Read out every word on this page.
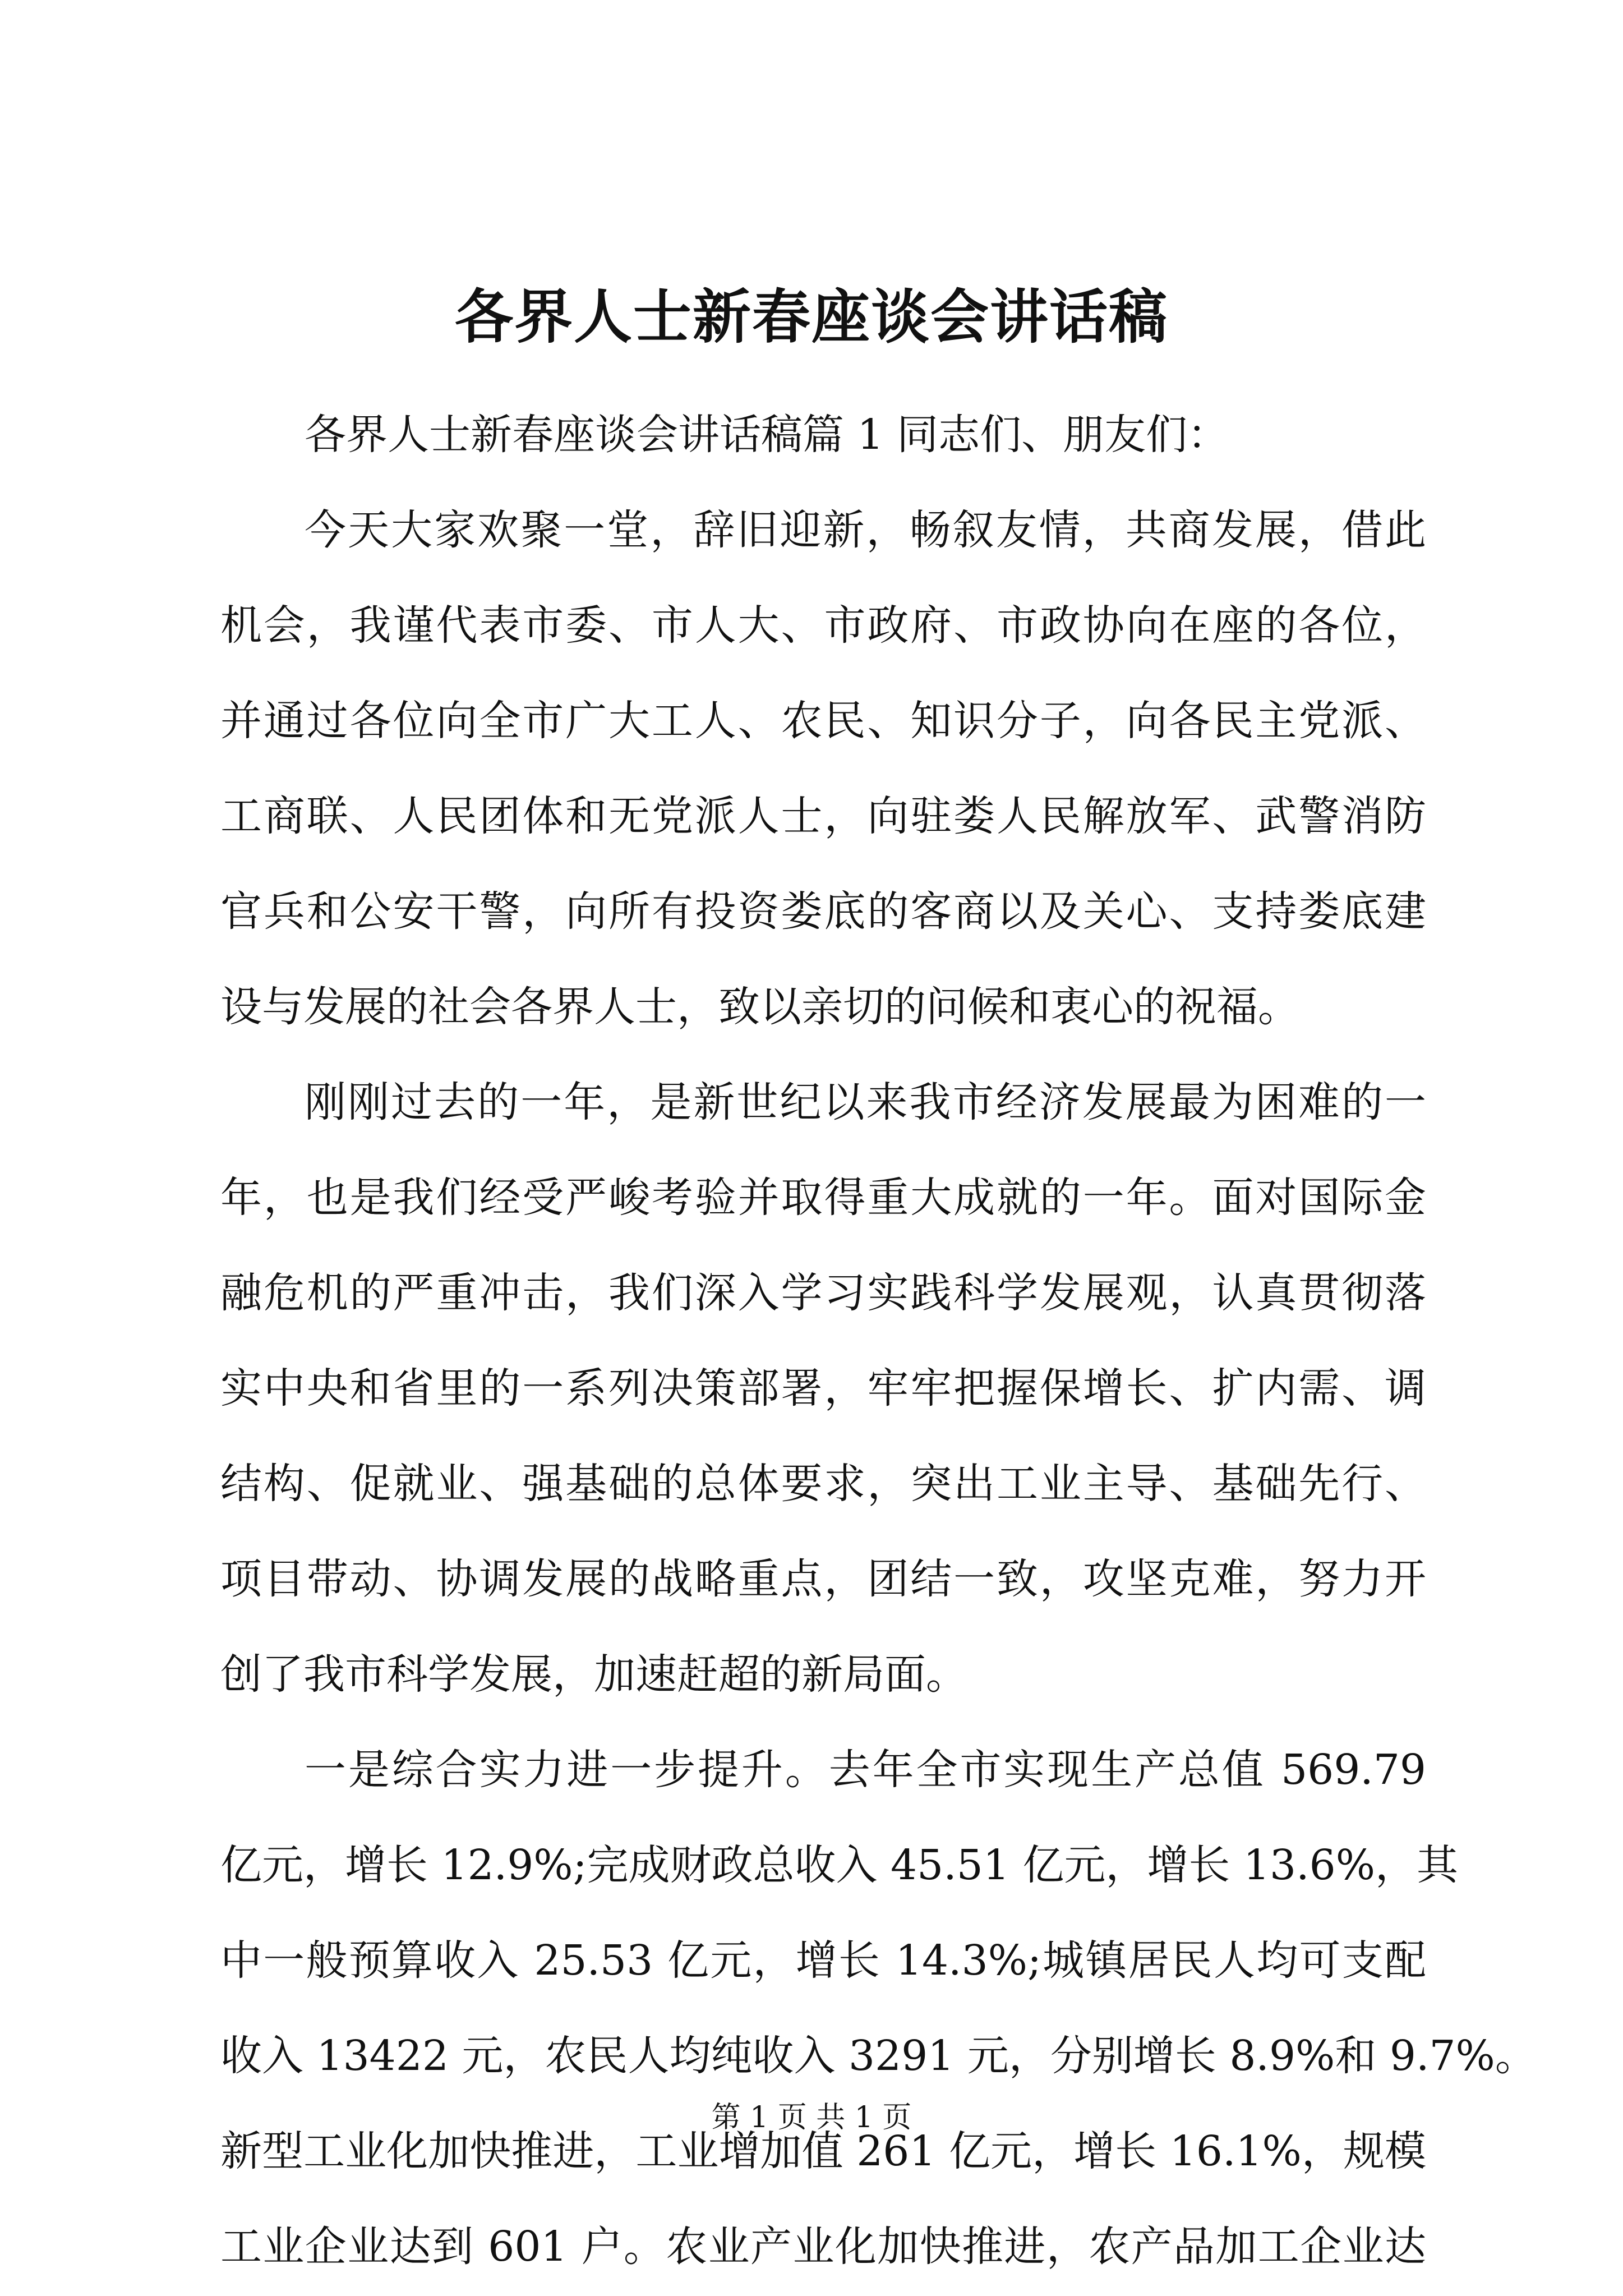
各界人士新春座谈会讲话稿
各界人士新春座谈会讲话稿篇 1 同志们、朋友们：
今天大家欢聚一堂，辞旧迎新，畅叙友情，共商发展，借此
机会，我谨代表市委、市人大、市政府、市政协向在座的各位，
并通过各位向全市广大工人、农民、知识分子，向各民主党派、
工商联、人民团体和无党派人士，向驻娄人民解放军、武警消防
官兵和公安干警，向所有投资娄底的客商以及关心、支持娄底建
设与发展的社会各界人士，致以亲切的问候和衷心的祝福。
刚刚过去的一年，是新世纪以来我市经济发展最为困难的一
年，也是我们经受严峻考验并取得重大成就的一年。面对国际金
融危机的严重冲击，我们深入学习实践科学发展观，认真贯彻落
实中央和省里的一系列决策部署，牢牢把握保增长、扩内需、调
结构、促就业、强基础的总体要求，突出工业主导、基础先行、
项目带动、协调发展的战略重点，团结一致，攻坚克难，努力开
创了我市科学发展，加速赶超的新局面。
一是综合实力进一步提升。去年全市实现生产总值 569.79
亿元，增长 12.9%;完成财政总收入 45.51 亿元，增长 13.6%，其
中一般预算收入 25.53 亿元，增长 14.3%;城镇居民人均可支配
收入 13422 元，农民人均纯收入 3291 元，分别增长 8.9%和 9.7%。
新型工业化加快推进，工业增加值 261 亿元，增长 16.1%，规模
工业企业达到 601 户。农业产业化加快推进，农产品加工企业达
第 1 页 共 1 页
